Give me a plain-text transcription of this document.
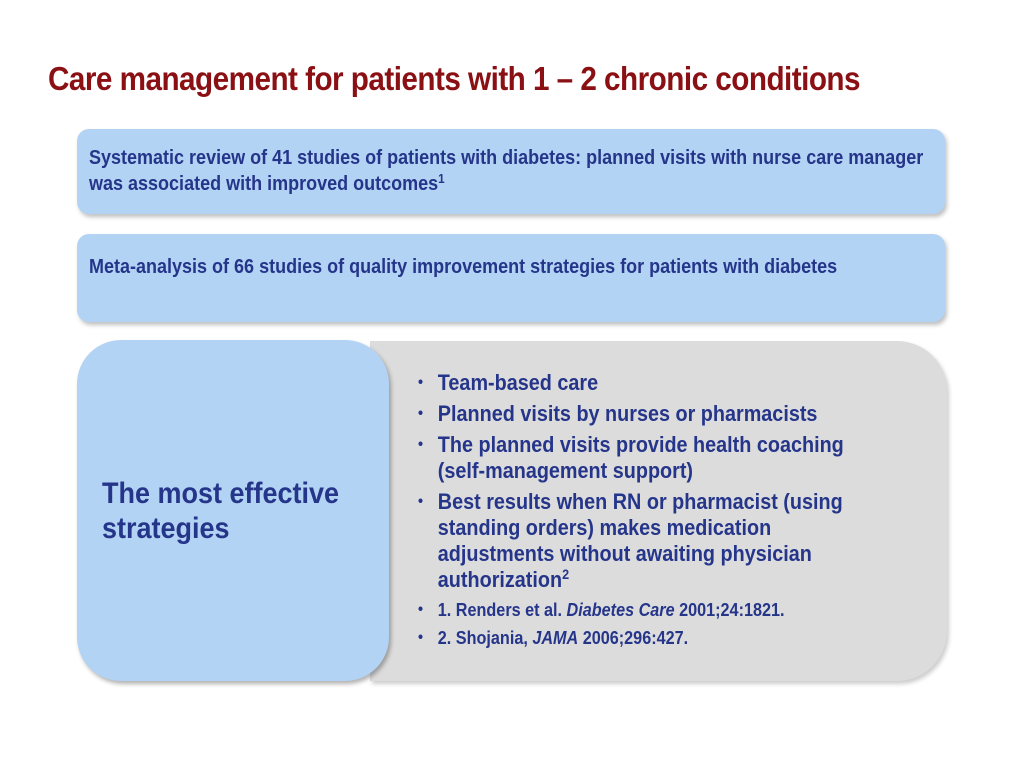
Care management for patients with 1 – 2 chronic conditions
Systematic review of 41 studies of patients with diabetes: planned visits with nurse care manager was associated with improved outcomes$^1$
Meta-analysis of 66 studies of quality improvement strategies for patients with diabetes
The most effective strategies
• Team-based care
• Planned visits by nurses or pharmacists
• The planned visits provide health coaching (self-management support)
• Best results when RN or pharmacist (using standing orders) makes medication adjustments without awaiting physician authorization$^2$
• 1. Renders et al. Diabetes Care 2001;24:1821.
• 2. Shojania, JAMA 2006;296:427.
